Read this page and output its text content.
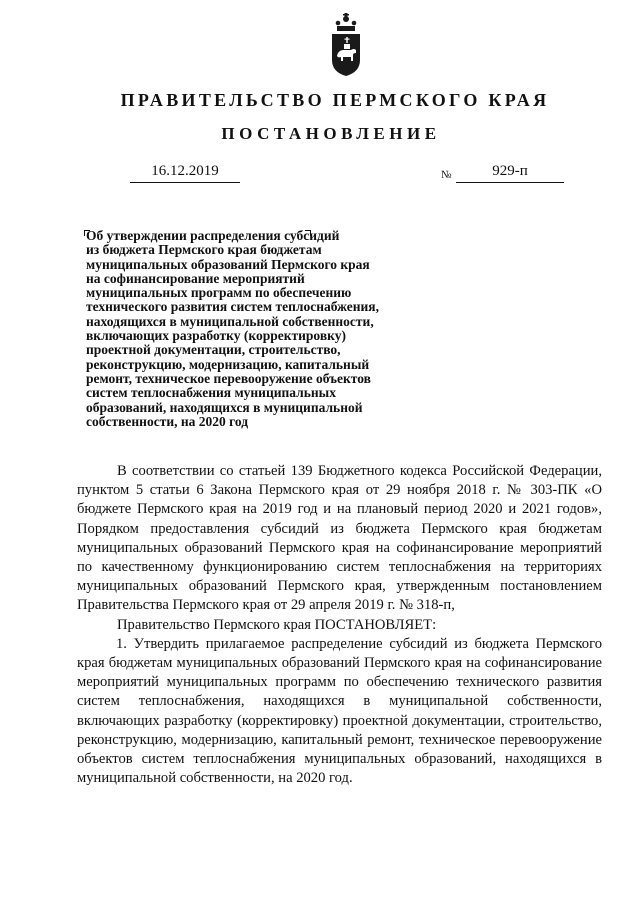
ПРАВИТЕЛЬСТВО ПЕРМСКОГО КРАЯ
ПОСТАНОВЛЕНИЕ
16.12.2019	№	929-п
Об утверждении распределения субсидий
из бюджета Пермского края бюджетам
муниципальных образований Пермского края
на софинансирование мероприятий
муниципальных программ по обеспечению
технического развития систем теплоснабжения,
находящихся в муниципальной собственности,
включающих разработку (корректировку)
проектной документации, строительство,
реконструкцию, модернизацию, капитальный
ремонт, техническое перевооружение объектов
систем теплоснабжения муниципальных
образований, находящихся в муниципальной
собственности, на 2020 год

В соответствии со статьей 139 Бюджетного кодекса Российской Федерации, пунктом 5 статьи 6 Закона Пермского края от 29 ноября 2018 г. № 303-ПК «О бюджете Пермского края на 2019 год и на плановый период 2020 и 2021 годов», Порядком предоставления субсидий из бюджета Пермского края бюджетам муниципальных образований Пермского края на софинансирование мероприятий по качественному функционированию систем теплоснабжения на территориях муниципальных образований Пермского края, утвержденным постановлением Правительства Пермского края от 29 апреля 2019 г. № 318-п,

Правительство Пермского края ПОСТАНОВЛЯЕТ:

1. Утвердить прилагаемое распределение субсидий из бюджета Пермского края бюджетам муниципальных образований Пермского края на софинансирование мероприятий муниципальных программ по обеспечению технического развития систем теплоснабжения, находящихся в муниципальной собственности, включающих разработку (корректировку) проектной документации, строительство, реконструкцию, модернизацию, капитальный ремонт, техническое перевооружение объектов систем теплоснабжения муниципальных образований, находящихся в муниципальной собственности, на 2020 год.
